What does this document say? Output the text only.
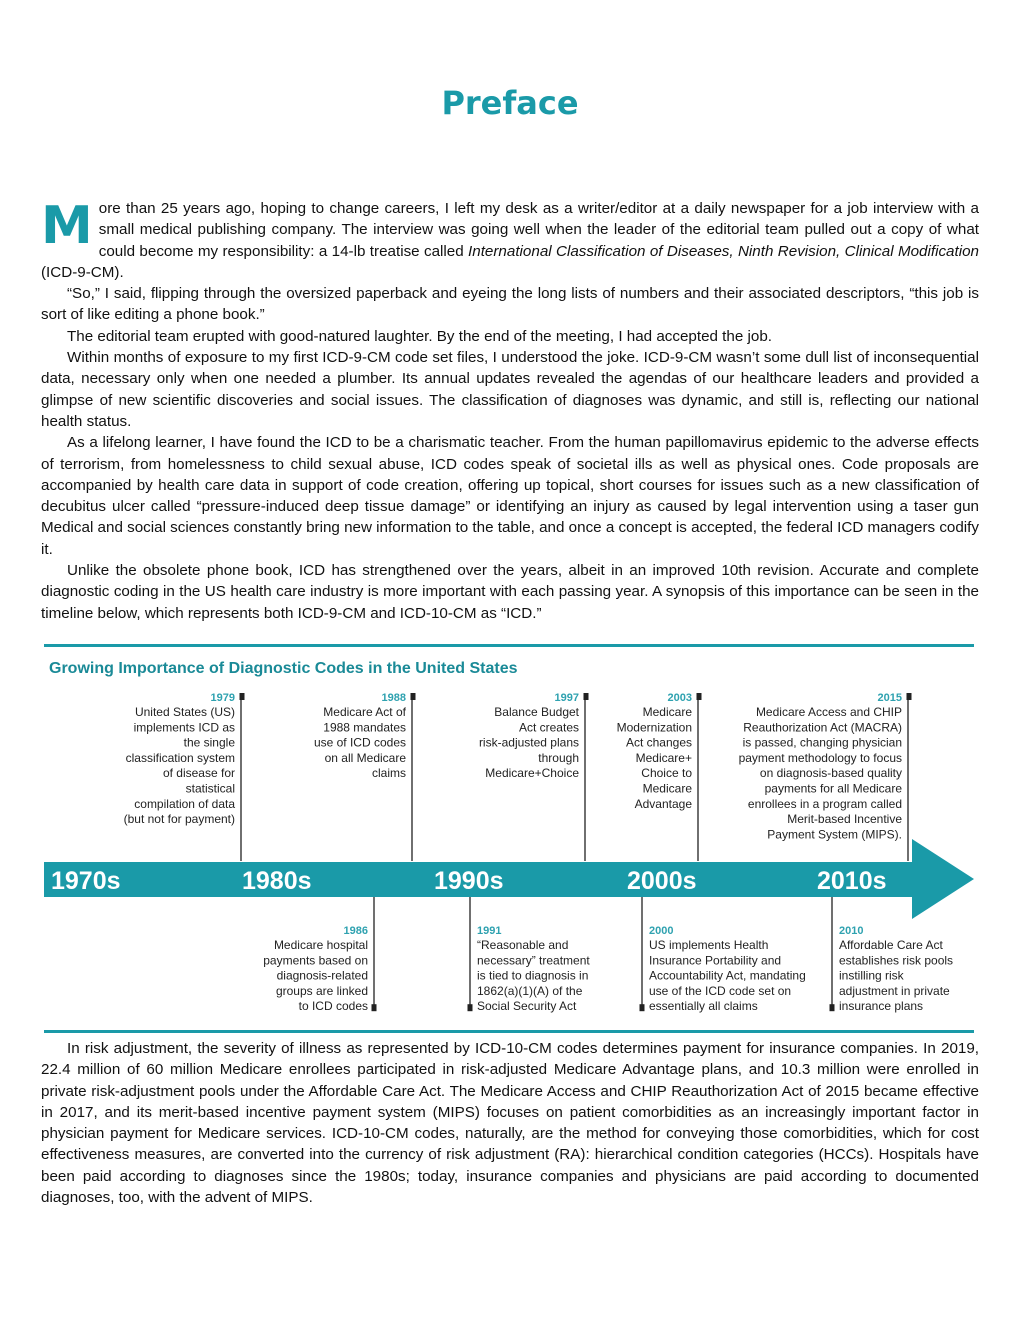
Preface

More than 25 years ago, hoping to change careers, I left my desk as a writer/editor at a daily newspaper for a job interview with a small medical publishing company. The interview was going well when the leader of the editorial team pulled out a copy of what could become my responsibility: a 14-lb treatise called International Classification of Diseases, Ninth Revision, Clinical Modification (ICD-9-CM).

“So,” I said, flipping through the oversized paperback and eyeing the long lists of numbers and their associated descriptors, “this job is sort of like editing a phone book.”

The editorial team erupted with good-natured laughter. By the end of the meeting, I had accepted the job.

Within months of exposure to my first ICD-9-CM code set files, I understood the joke. ICD-9-CM wasn’t some dull list of inconsequential data, necessary only when one needed a plumber. Its annual updates revealed the agendas of our healthcare leaders and provided a glimpse of new scientific discoveries and social issues. The classification of diagnoses was dynamic, and still is, reflecting our national health status.

As a lifelong learner, I have found the ICD to be a charismatic teacher. From the human papillomavirus epidemic to the adverse effects of terrorism, from homelessness to child sexual abuse, ICD codes speak of societal ills as well as physical ones. Code proposals are accompanied by health care data in support of code creation, offering up topical, short courses for issues such as a new classification of decubitus ulcer called “pressure-induced deep tissue damage” or identifying an injury as caused by legal intervention using a taser gun Medical and social sciences constantly bring new information to the table, and once a concept is accepted, the federal ICD managers codify it.

Unlike the obsolete phone book, ICD has strengthened over the years, albeit in an improved 10th revision. Accurate and complete diagnostic coding in the US health care industry is more important with each passing year. A synopsis of this importance can be seen in the timeline below, which represents both ICD-9-CM and ICD-10-CM as “ICD.”

Growing Importance of Diagnostic Codes in the United States
1970s	1980s	1990s	2000s	2010s
1979
United States (US)
implements ICD as
the single
classification system
of disease for
statistical
compilation of data
(but not for payment)
1988
Medicare Act of
1988 mandates
use of ICD codes
on all Medicare
claims
1997
Balance Budget
Act creates
risk-adjusted plans
through
Medicare+Choice
2003
Medicare
Modernization
Act changes
Medicare+
Choice to
Medicare
Advantage
2015
Medicare Access and CHIP
Reauthorization Act (MACRA)
is passed, changing physician
payment methodology to focus
on diagnosis-based quality
payments for all Medicare
enrollees in a program called
Merit-based Incentive
Payment System (MIPS).
1986
Medicare hospital
payments based on
diagnosis-related
groups are linked
to ICD codes
1991
“Reasonable and
necessary” treatment
is tied to diagnosis in
1862(a)(1)(A) of the
Social Security Act
2000
US implements Health
Insurance Portability and
Accountability Act, mandating
use of the ICD code set on
essentially all claims
2010
Affordable Care Act
establishes risk pools
instilling risk
adjustment in private
insurance plans

In risk adjustment, the severity of illness as represented by ICD-10-CM codes determines payment for insurance companies. In 2019, 22.4 million of 60 million Medicare enrollees participated in risk-adjusted Medicare Advantage plans, and 10.3 million were enrolled in private risk-adjustment pools under the Affordable Care Act. The Medicare Access and CHIP Reauthorization Act of 2015 became effective in 2017, and its merit-based incentive payment system (MIPS) focuses on patient comorbidities as an increasingly important factor in physician payment for Medicare services. ICD-10-CM codes, naturally, are the method for conveying those comorbidities, which for cost effectiveness measures, are converted into the currency of risk adjustment (RA): hierarchical condition categories (HCCs). Hospitals have been paid according to diagnoses since the 1980s; today, insurance companies and physicians are paid according to documented diagnoses, too, with the advent of MIPS.
